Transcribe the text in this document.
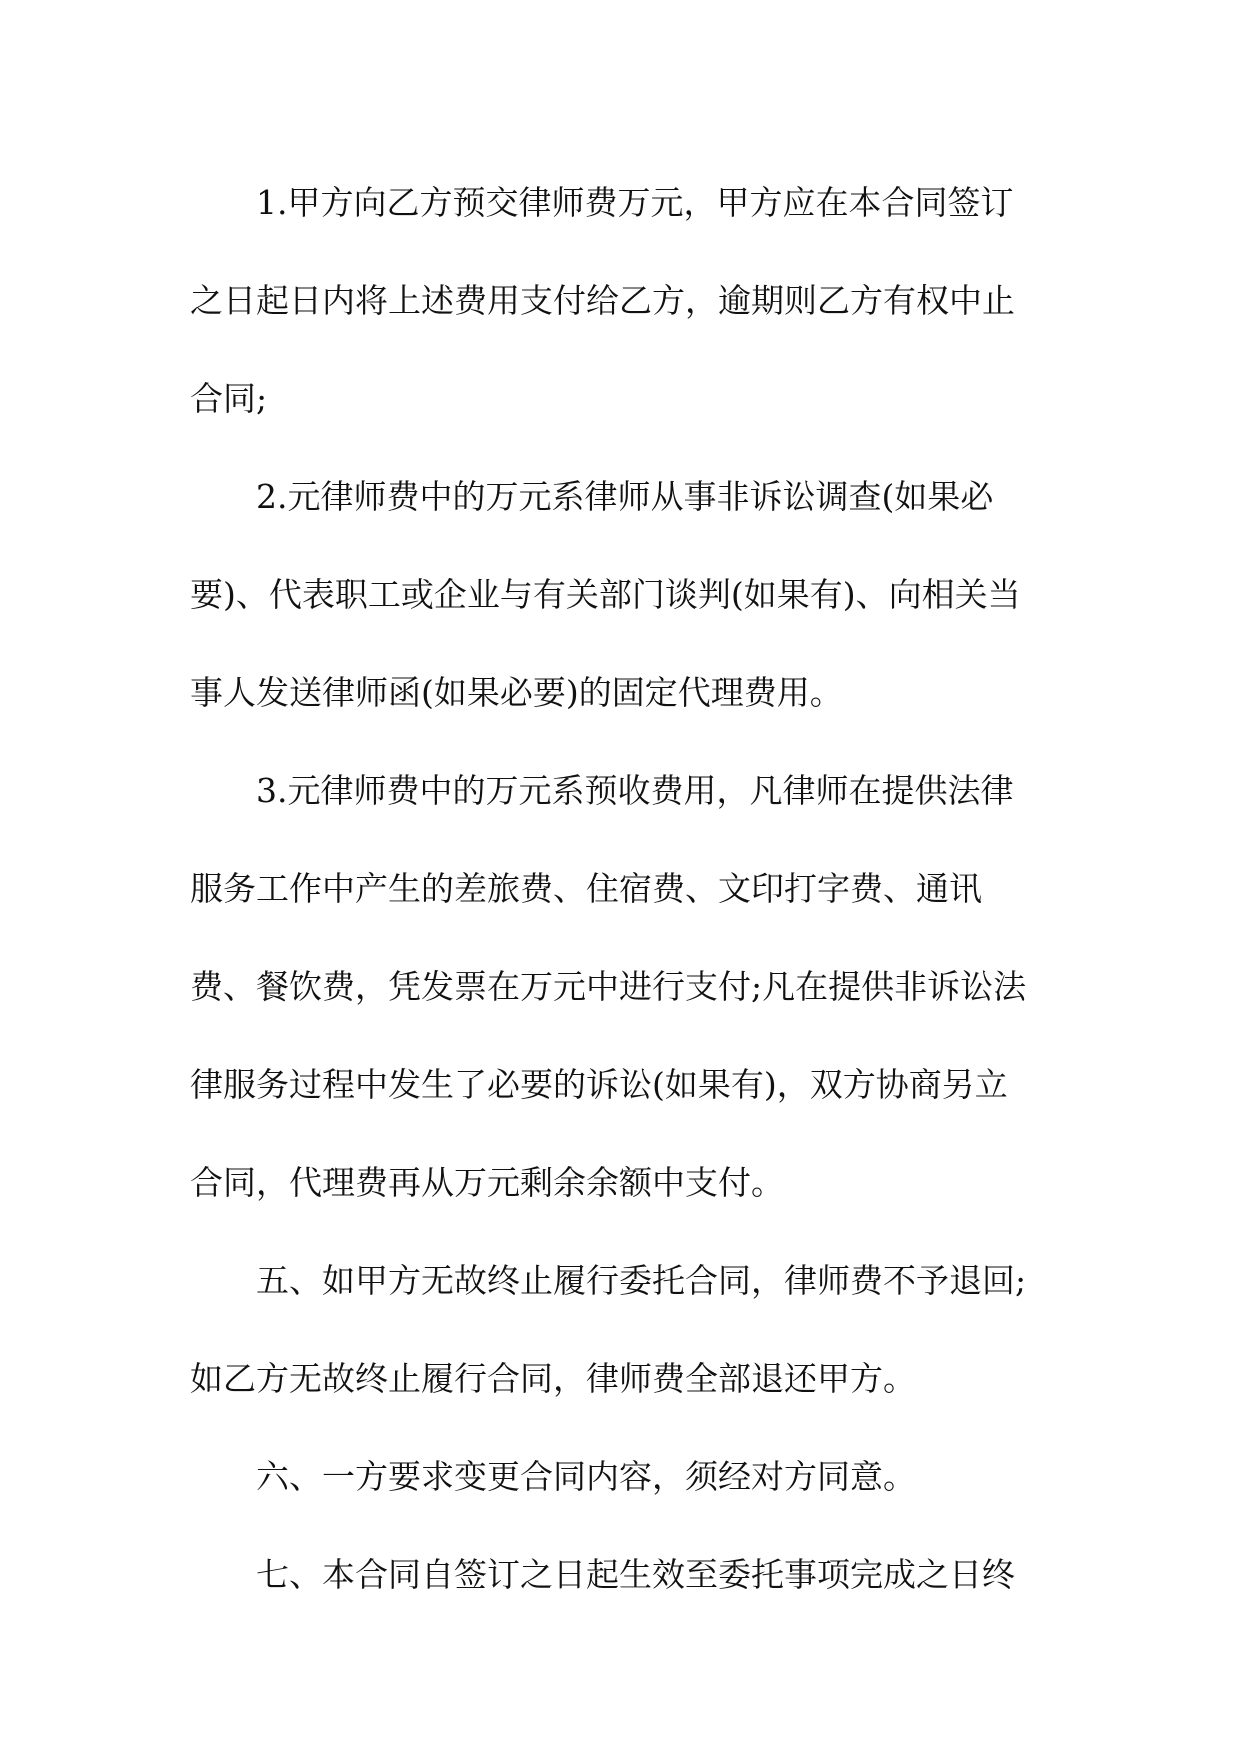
1.甲方向乙方预交律师费万元，甲方应在本合同签订
之日起日内将上述费用支付给乙方，逾期则乙方有权中止
合同;
2.元律师费中的万元系律师从事非诉讼调查(如果必
要)、代表职工或企业与有关部门谈判(如果有)、向相关当
事人发送律师函(如果必要)的固定代理费用。
3.元律师费中的万元系预收费用，凡律师在提供法律
服务工作中产生的差旅费、住宿费、文印打字费、通讯
费、餐饮费，凭发票在万元中进行支付;凡在提供非诉讼法
律服务过程中发生了必要的诉讼(如果有)，双方协商另立
合同，代理费再从万元剩余余额中支付。
五、如甲方无故终止履行委托合同，律师费不予退回;
如乙方无故终止履行合同，律师费全部退还甲方。
六、一方要求变更合同内容，须经对方同意。
七、本合同自签订之日起生效至委托事项完成之日终
